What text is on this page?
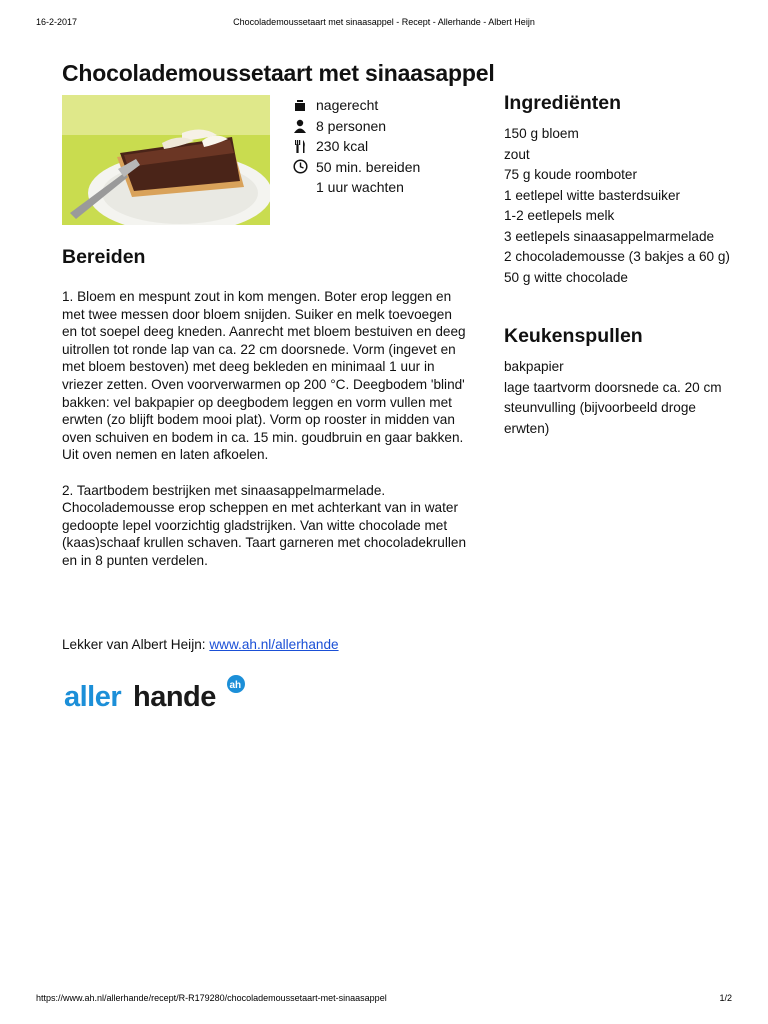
16-2-2017	Chocolademoussetaart met sinaasappel - Recept - Allerhande - Albert Heijn
Chocolademoussetaart met sinaasappel
nagerecht
8 personen
230 kcal
50 min. bereiden
1 uur wachten
Bereiden

1. Bloem en mespunt zout in kom mengen. Boter erop leggen en met twee messen door bloem snijden. Suiker en melk toevoegen en tot soepel deeg kneden. Aanrecht met bloem bestuiven en deeg uitrollen tot ronde lap van ca. 22 cm doorsnede. Vorm (ingevet en met bloem bestoven) met deeg bekleden en minimaal 1 uur in vriezer zetten. Oven voorverwarmen op 200 °C. Deegbodem 'blind' bakken: vel bakpapier op deegbodem leggen en vorm vullen met erwten (zo blijft bodem mooi plat). Vorm op rooster in midden van oven schuiven en bodem in ca. 15 min. goudbruin en gaar bakken. Uit oven nemen en laten afkoelen.

2. Taartbodem bestrijken met sinaasappelmarmelade. Chocolademousse erop scheppen en met achterkant van in water gedoopte lepel voorzichtig gladstrijken. Van witte chocolade met (kaas)schaaf krullen schaven. Taart garneren met chocoladekrullen en in 8 punten verdelen.

Lekker van Albert Heijn: www.ah.nl/allerhande
aller hande ah
Ingrediënten
150 g bloem
zout
75 g koude roomboter
1 eetlepel witte basterdsuiker
1-2 eetlepels melk
3 eetlepels sinaasappelmarmelade
2 chocolademousse (3 bakjes a 60 g)
50 g witte chocolade
Keukenspullen
bakpapier
lage taartvorm doorsnede ca. 20 cm
steunvulling (bijvoorbeeld droge erwten)
https://www.ah.nl/allerhande/recept/R-R179280/chocolademoussetaart-met-sinaasappel	1/2
